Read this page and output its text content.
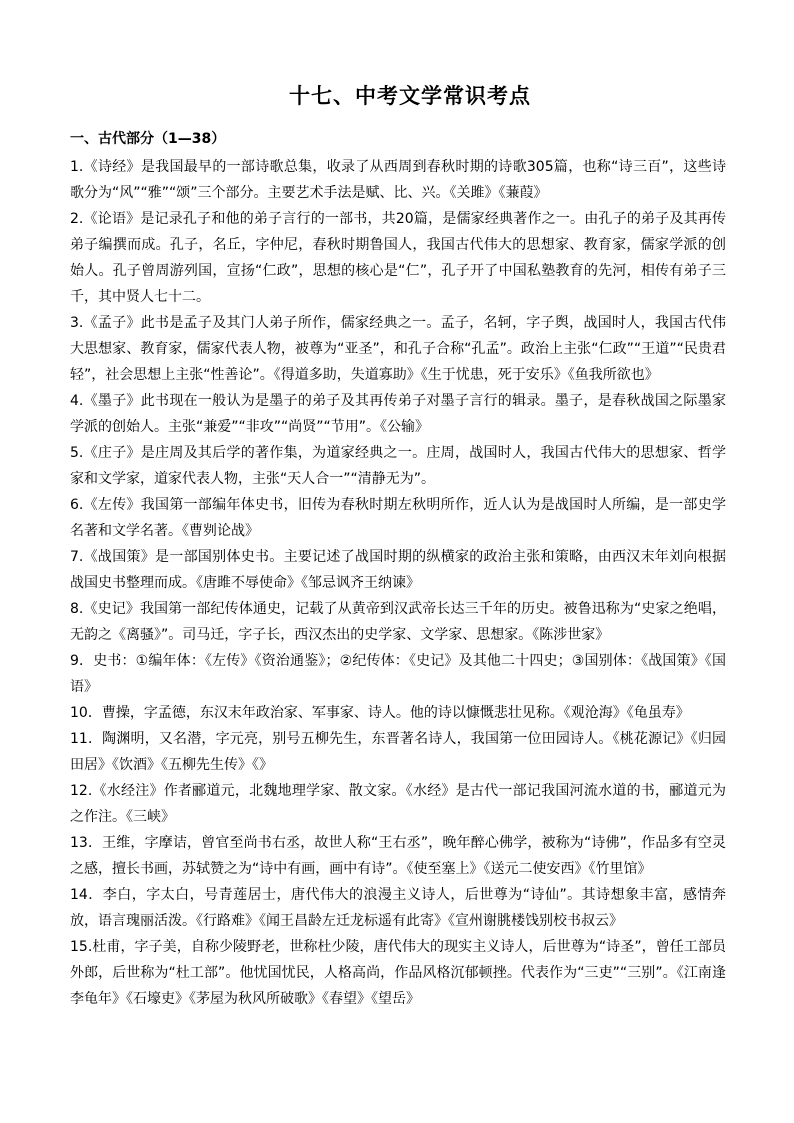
十七、中考文学常识考点
一、古代部分（1—38）

1.《诗经》是我国最早的一部诗歌总集，收录了从西周到春秋时期的诗歌305篇，也称“诗三百”，这些诗歌分为“风”“雅”“颂”三个部分。主要艺术手法是赋、比、兴。《关雎》《蒹葭》

2.《论语》是记录孔子和他的弟子言行的一部书，共20篇，是儒家经典著作之一。由孔子的弟子及其再传弟子编撰而成。孔子，名丘，字仲尼，春秋时期鲁国人，我国古代伟大的思想家、教育家，儒家学派的创始人。孔子曾周游列国，宣扬“仁政”，思想的核心是“仁”，孔子开了中国私塾教育的先河，相传有弟子三千，其中贤人七十二。

3.《孟子》此书是孟子及其门人弟子所作，儒家经典之一。孟子，名轲，字子舆，战国时人，我国古代伟大思想家、教育家，儒家代表人物，被尊为“亚圣”，和孔子合称“孔孟”。政治上主张“仁政”“王道”“民贵君轻”，社会思想上主张“性善论”。《得道多助，失道寡助》《生于忧患，死于安乐》《鱼我所欲也》

4.《墨子》此书现在一般认为是墨子的弟子及其再传弟子对墨子言行的辑录。墨子，是春秋战国之际墨家学派的创始人。主张“兼爱”“非攻”“尚贤”“节用”。《公输》

5.《庄子》是庄周及其后学的著作集，为道家经典之一。庄周，战国时人，我国古代伟大的思想家、哲学家和文学家，道家代表人物，主张“天人合一”“清静无为”。

6.《左传》我国第一部编年体史书，旧传为春秋时期左秋明所作，近人认为是战国时人所编，是一部史学名著和文学名著。《曹刿论战》

7.《战国策》是一部国别体史书。主要记述了战国时期的纵横家的政治主张和策略，由西汉末年刘向根据战国史书整理而成。《唐雎不辱使命》《邹忌讽齐王纳谏》

8.《史记》我国第一部纪传体通史，记载了从黄帝到汉武帝长达三千年的历史。被鲁迅称为“史家之绝唱，无韵之《离骚》”。司马迁，字子长，西汉杰出的史学家、文学家、思想家。《陈涉世家》

9．史书：①编年体：《左传》《资治通鉴》；②纪传体：《史记》及其他二十四史；③国别体：《战国策》《国语》

10．曹操，字孟德，东汉末年政治家、军事家、诗人。他的诗以慷慨悲壮见称。《观沧海》《龟虽寿》

11．陶渊明，又名潜，字元亮，别号五柳先生，东晋著名诗人，我国第一位田园诗人。《桃花源记》《归园田居》《饮酒》《五柳先生传》《》

12.《水经注》作者郦道元，北魏地理学家、散文家。《水经》是古代一部记我国河流水道的书，郦道元为之作注。《三峡》

13．王维，字摩诘，曾官至尚书右丞，故世人称“王右丞”，晚年醉心佛学，被称为“诗佛”，作品多有空灵之感，擅长书画，苏轼赞之为“诗中有画，画中有诗”。《使至塞上》《送元二使安西》《竹里馆》

14．李白，字太白，号青莲居士，唐代伟大的浪漫主义诗人，后世尊为“诗仙”。其诗想象丰富，感情奔放，语言瑰丽活泼。《行路难》《闻王昌龄左迁龙标遥有此寄》《宣州谢朓楼饯别校书叔云》

15.杜甫，字子美，自称少陵野老，世称杜少陵，唐代伟大的现实主义诗人，后世尊为“诗圣”，曾任工部员外郎，后世称为“杜工部”。他忧国忧民，人格高尚，作品风格沉郁顿挫。代表作为“三吏”“三别”。《江南逢李龟年》《石壕吏》《茅屋为秋风所破歌》《春望》《望岳》
